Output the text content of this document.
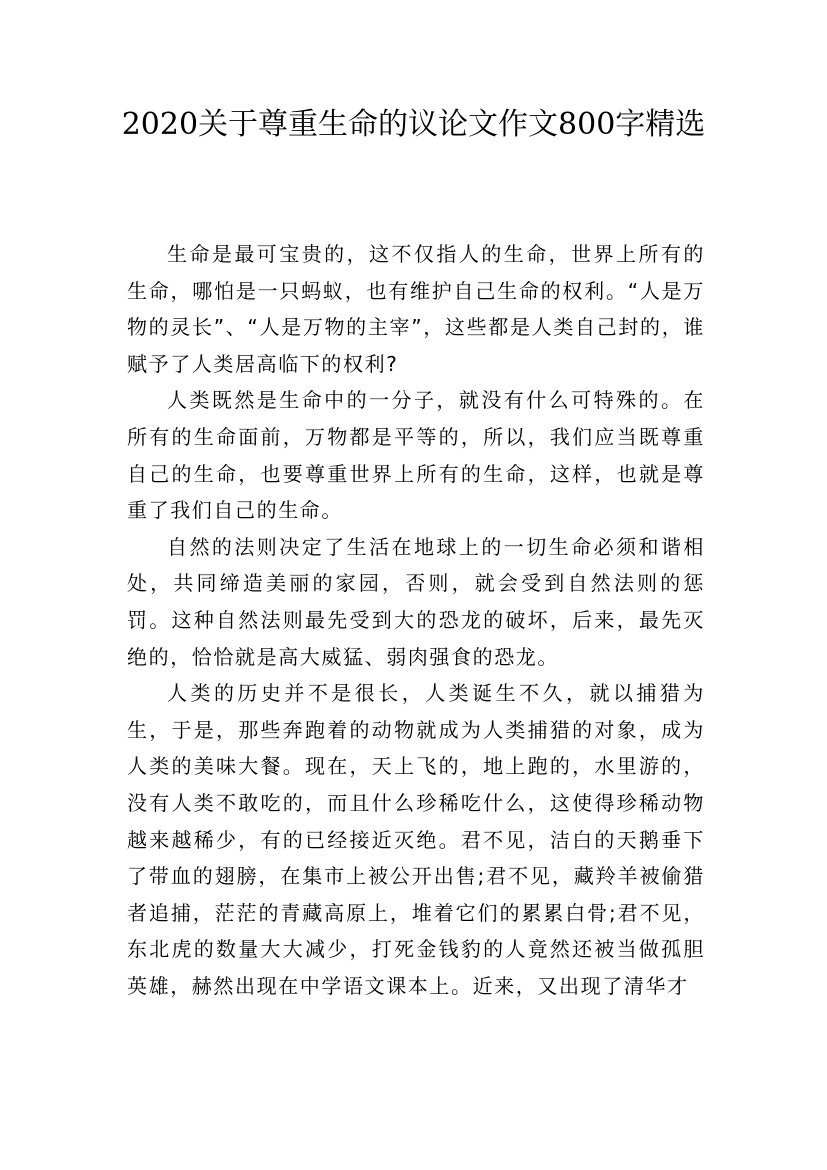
2020关于尊重生命的议论文作文800字精选

生命是最可宝贵的，这不仅指人的生命，世界上所有的生命，哪怕是一只蚂蚁，也有维护自己生命的权利。“人是万物的灵长”、“人是万物的主宰”，这些都是人类自己封的，谁赋予了人类居高临下的权利?

人类既然是生命中的一分子，就没有什么可特殊的。在所有的生命面前，万物都是平等的，所以，我们应当既尊重自己的生命，也要尊重世界上所有的生命，这样，也就是尊重了我们自己的生命。

自然的法则决定了生活在地球上的一切生命必须和谐相处，共同缔造美丽的家园，否则，就会受到自然法则的惩罚。这种自然法则最先受到大的恐龙的破坏，后来，最先灭绝的，恰恰就是高大威猛、弱肉强食的恐龙。

人类的历史并不是很长，人类诞生不久，就以捕猎为生，于是，那些奔跑着的动物就成为人类捕猎的对象，成为人类的美味大餐。现在，天上飞的，地上跑的，水里游的，没有人类不敢吃的，而且什么珍稀吃什么，这使得珍稀动物越来越稀少，有的已经接近灭绝。君不见，洁白的天鹅垂下了带血的翅膀，在集市上被公开出售;君不见，藏羚羊被偷猎者追捕，茫茫的青藏高原上，堆着它们的累累白骨;君不见，东北虎的数量大大减少，打死金钱豹的人竟然还被当做孤胆英雄，赫然出现在中学语文课本上。近来，又出现了清华才
